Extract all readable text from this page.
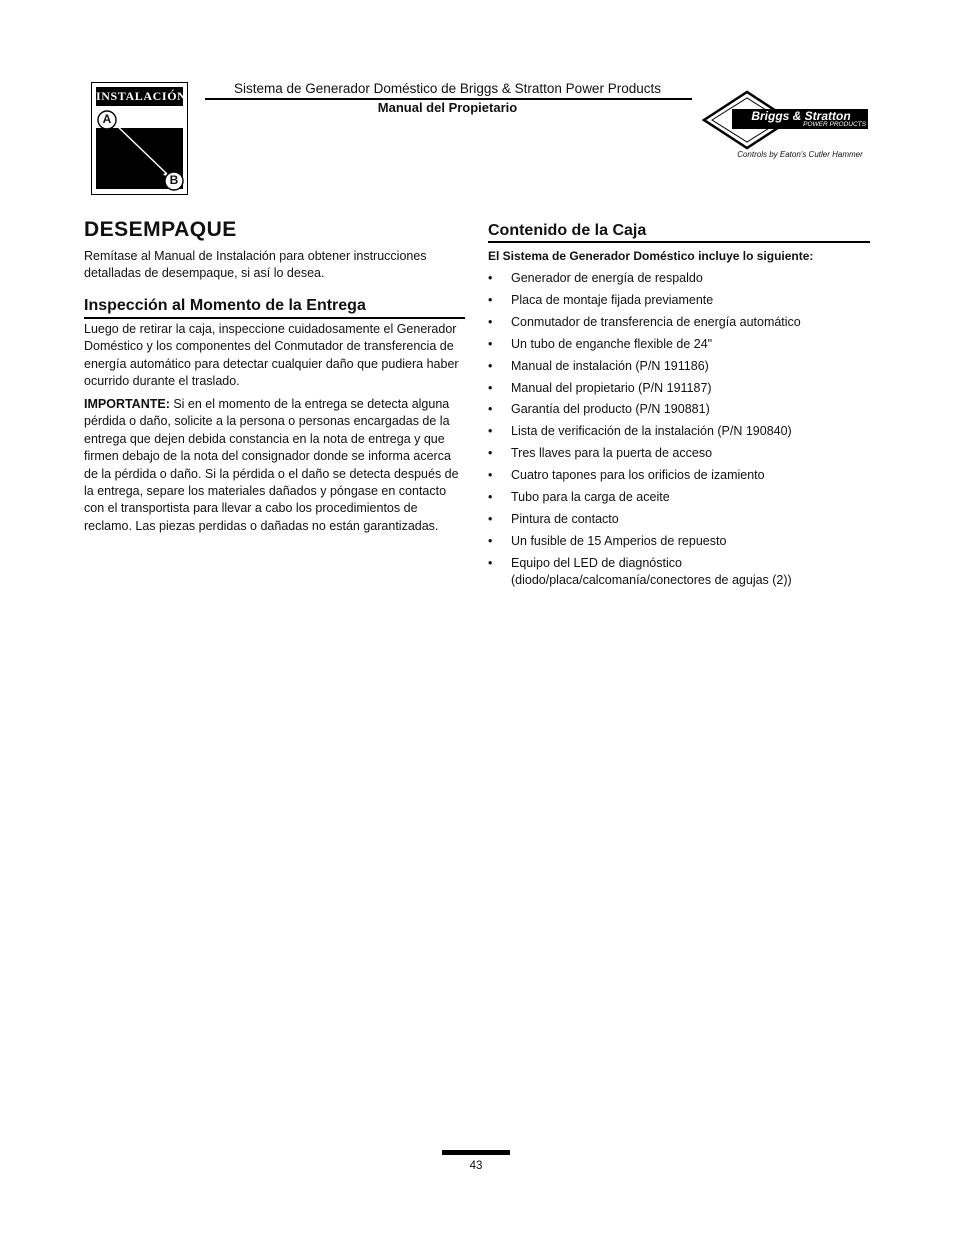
INSTALACIÓN
A
B
Sistema de Generador Doméstico de Briggs & Stratton Power Products
Manual del Propietario
Briggs & Stratton
POWER PRODUCTS
Controls by Eaton's Cutler Hammer
DESEMPAQUE
Remítase al Manual de Instalación para obtener instrucciones detalladas de desempaque, si así lo desea.
Inspección al Momento de la Entrega
Luego de retirar la caja, inspeccione cuidadosamente el Generador Doméstico y los componentes del Conmutador de transferencia de energía automático para detectar cualquier daño que pudiera haber ocurrido durante el traslado.
IMPORTANTE: Si en el momento de la entrega se detecta alguna pérdida o daño, solicite a la persona o personas encargadas de la entrega que dejen debida constancia en la nota de entrega y que firmen debajo de la nota del consignador donde se informa acerca de la pérdida o daño. Si la pérdida o el daño se detecta después de la entrega, separe los materiales dañados y póngase en contacto con el transportista para llevar a cabo los procedimientos de reclamo. Las piezas perdidas o dañadas no están garantizadas.
Contenido de la Caja
El Sistema de Generador Doméstico incluye lo siguiente:
• Generador de energía de respaldo
• Placa de montaje fijada previamente
• Conmutador de transferencia de energía automático
• Un tubo de enganche flexible de 24"
• Manual de instalación (P/N 191186)
• Manual del propietario (P/N 191187)
• Garantía del producto (P/N 190881)
• Lista de verificación de la instalación (P/N 190840)
• Tres llaves para la puerta de acceso
• Cuatro tapones para los orificios de izamiento
• Tubo para la carga de aceite
• Pintura de contacto
• Un fusible de 15 Amperios de repuesto
• Equipo del LED de diagnóstico (diodo/placa/calcomanía/conectores de agujas (2))
43
